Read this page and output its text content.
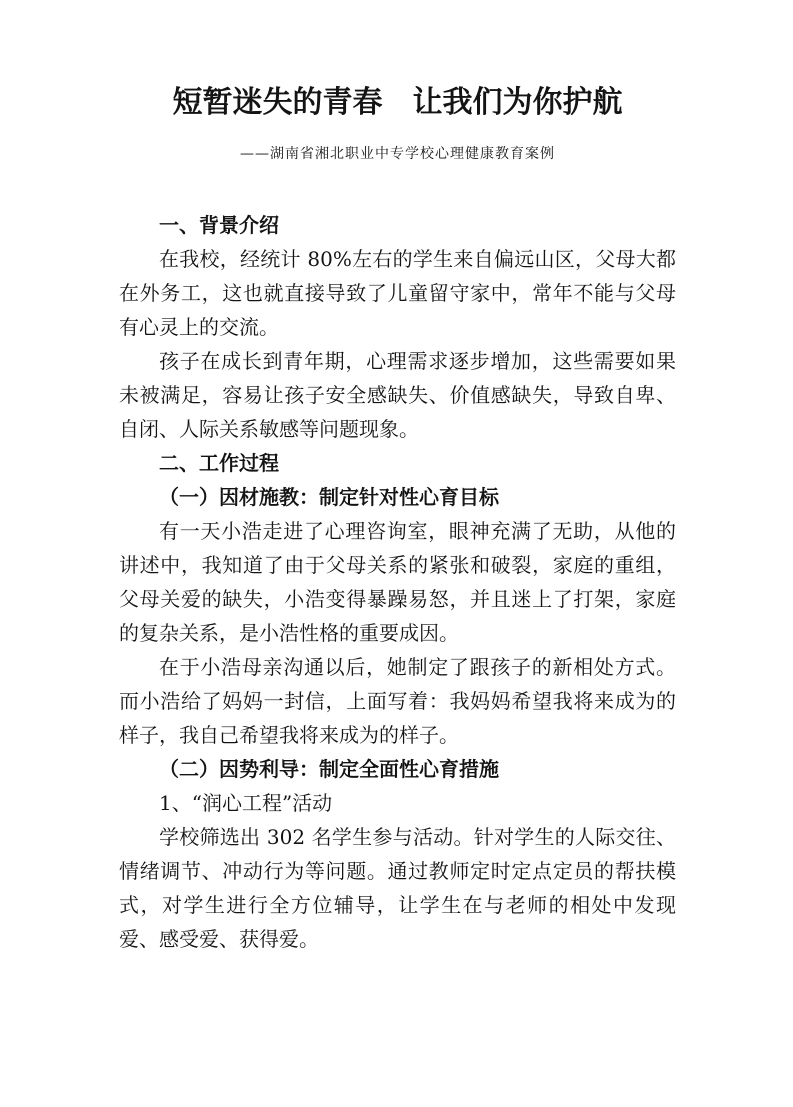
短暂迷失的青春　让我们为你护航

——湖南省湘北职业中专学校心理健康教育案例

一、背景介绍

在我校，经统计 80%左右的学生来自偏远山区，父母大都在外务工，这也就直接导致了儿童留守家中，常年不能与父母有心灵上的交流。

孩子在成长到青年期，心理需求逐步增加，这些需要如果未被满足，容易让孩子安全感缺失、价值感缺失，导致自卑、自闭、人际关系敏感等问题现象。

二、工作过程

（一）因材施教：制定针对性心育目标

有一天小浩走进了心理咨询室，眼神充满了无助，从他的讲述中，我知道了由于父母关系的紧张和破裂，家庭的重组，父母关爱的缺失，小浩变得暴躁易怒，并且迷上了打架，家庭的复杂关系，是小浩性格的重要成因。

在于小浩母亲沟通以后，她制定了跟孩子的新相处方式。而小浩给了妈妈一封信，上面写着：我妈妈希望我将来成为的样子，我自己希望我将来成为的样子。

（二）因势利导：制定全面性心育措施

1、“润心工程”活动

学校筛选出 302 名学生参与活动。针对学生的人际交往、情绪调节、冲动行为等问题。通过教师定时定点定员的帮扶模式，对学生进行全方位辅导，让学生在与老师的相处中发现爱、感受爱、获得爱。
